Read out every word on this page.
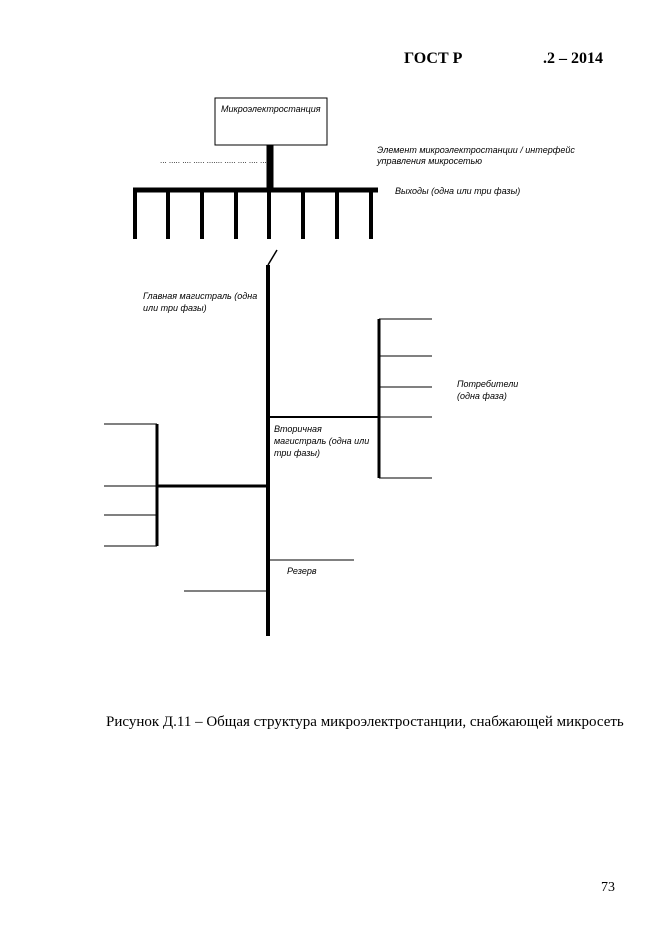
ГОСТ Р	.2 – 2014
Микроэлектростанция
... ..... .... ..... ....... ..... .... .... ....
Элемент микроэлектростанции / интерфейс
управления микросетью
Выходы (одна или три фазы)
Главная магистраль (одна
или три фазы)
Потребители
(одна фаза)
Вторичная
магистраль (одна или
три фазы)
Резерв
Рисунок Д.11 – Общая структура микроэлектростанции, снабжающей микросеть
73
